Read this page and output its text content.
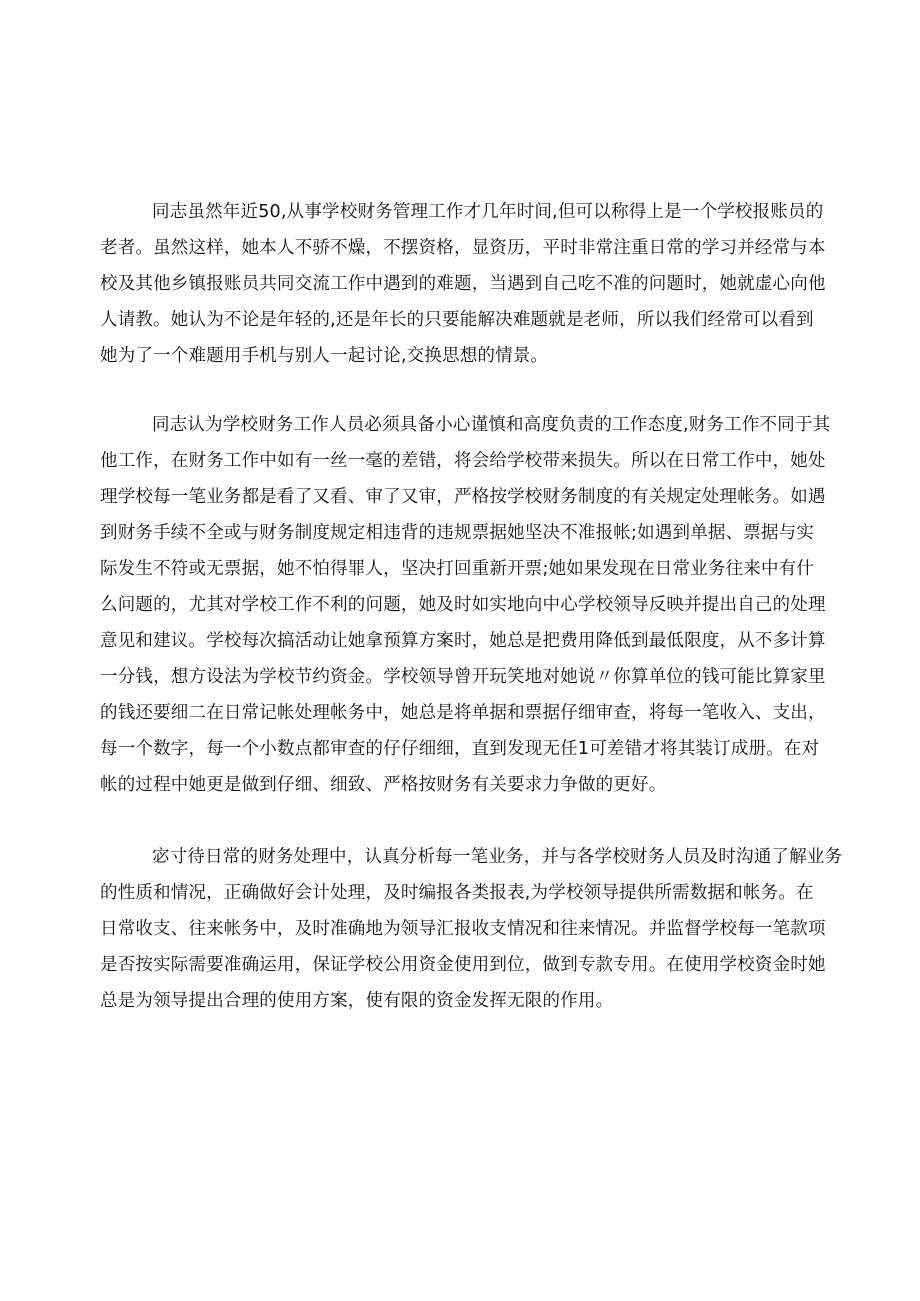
同志虽然年近50,从事学校财务管理工作才几年时间,但可以称得上是一个学校报账员的
老者。虽然这样，她本人不骄不燥，不摆资格，显资历，平时非常注重日常的学习并经常与本
校及其他乡镇报账员共同交流工作中遇到的难题，当遇到自己吃不准的问题时，她就虚心向他
人请教。她认为不论是年轻的,还是年长的只要能解决难题就是老师，所以我们经常可以看到
她为了一个难题用手机与别人一起讨论,交换思想的情景。
同志认为学校财务工作人员必须具备小心谨慎和高度负责的工作态度,财务工作不同于其
他工作，在财务工作中如有一丝一毫的差错，将会给学校带来损失。所以在日常工作中，她处
理学校每一笔业务都是看了又看、审了又审，严格按学校财务制度的有关规定处理帐务。如遇
到财务手续不全或与财务制度规定相违背的违规票据她坚决不准报帐;如遇到单据、票据与实
际发生不符或无票据，她不怕得罪人，坚决打回重新开票;她如果发现在日常业务往来中有什
么问题的，尤其对学校工作不利的问题，她及时如实地向中心学校领导反映并提出自己的处理
意见和建议。学校每次搞活动让她拿预算方案时，她总是把费用降低到最低限度，从不多计算
一分钱，想方设法为学校节约资金。学校领导曾开玩笑地对她说〃你算单位的钱可能比算家里
的钱还要细二在日常记帐处理帐务中，她总是将单据和票据仔细审查，将每一笔收入、支出，
每一个数字，每一个小数点都审查的仔仔细细，直到发现无任1可差错才将其装订成册。在对
帐的过程中她更是做到仔细、细致、严格按财务有关要求力争做的更好。
宓寸待日常的财务处理中，认真分析每一笔业务，并与各学校财务人员及时沟通了解业务
的性质和情况，正确做好会计处理，及时编报各类报表,为学校领导提供所需数据和帐务。在
日常收支、往来帐务中，及时准确地为领导汇报收支情况和往来情况。并监督学校每一笔款项
是否按实际需要准确运用，保证学校公用资金使用到位，做到专款专用。在使用学校资金时她
总是为领导提出合理的使用方案，使有限的资金发挥无限的作用。
